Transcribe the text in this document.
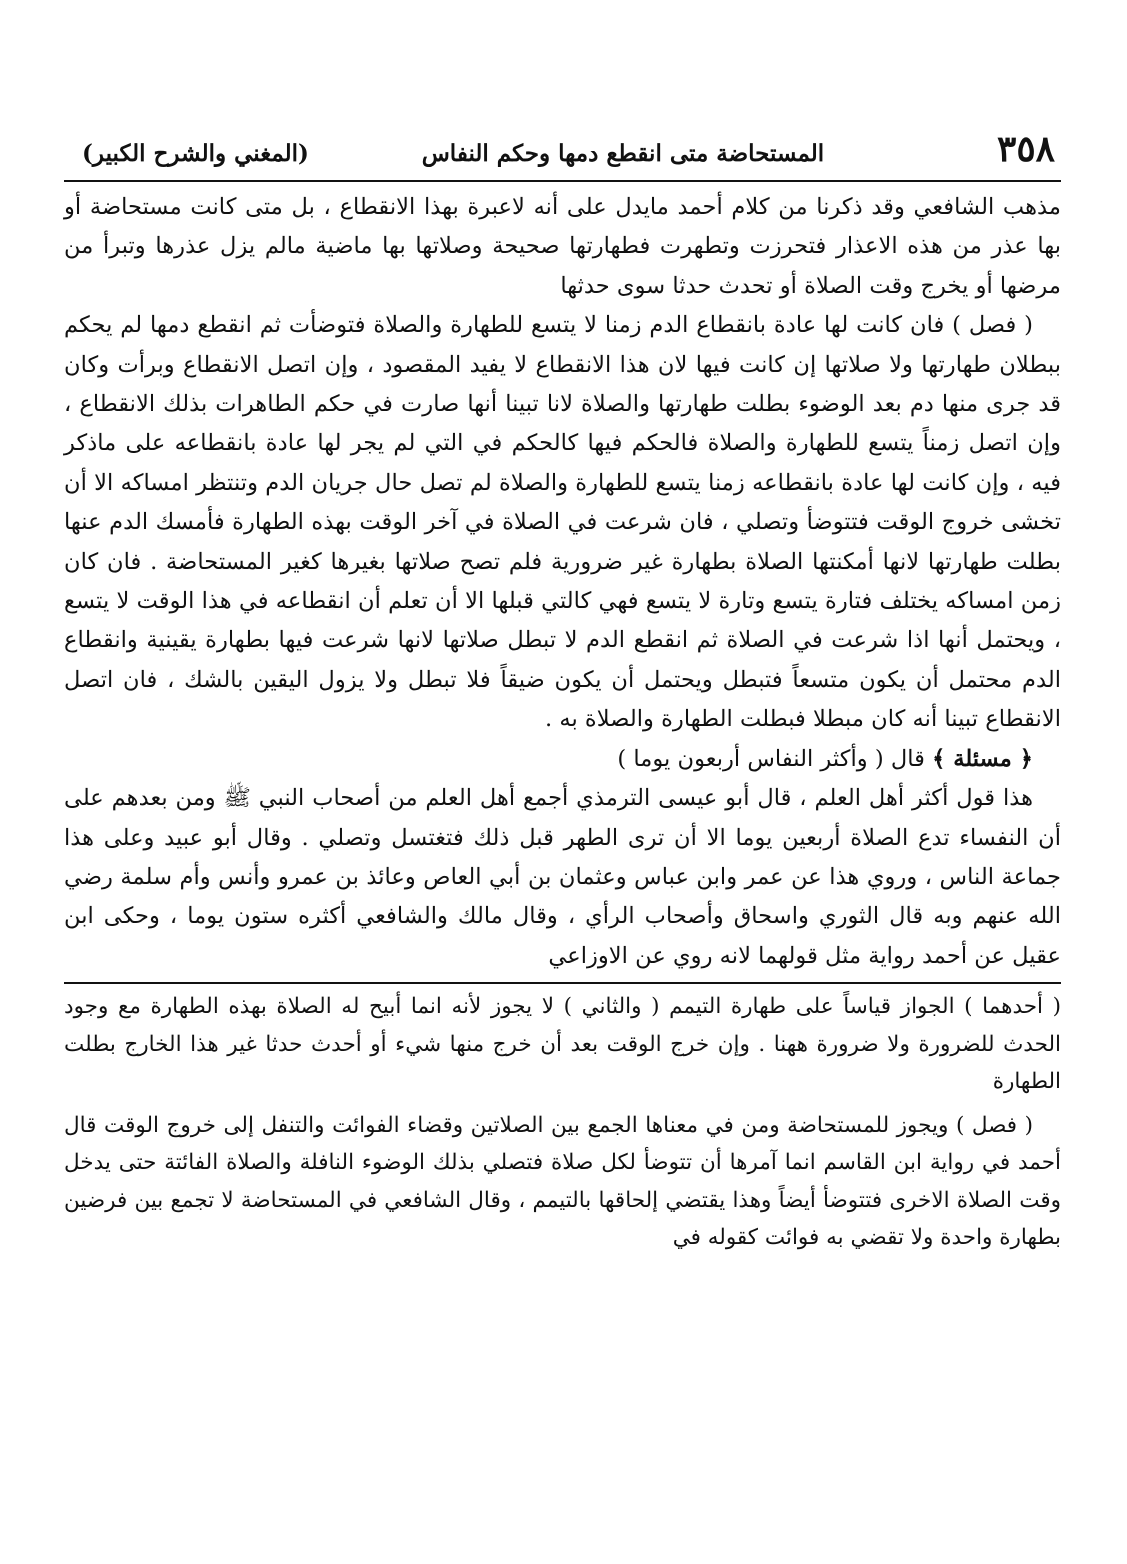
٣٥٨
المستحاضة متى انقطع دمها وحكم النفاس
(المغني والشرح الكبير)

مذهب الشافعي وقد ذكرنا من كلام أحمد مايدل على أنه لاعبرة بهذا الانقطاع ، بل متى كانت مستحاضة أو بها عذر من هذه الاعذار فتحرزت وتطهرت فطهارتها صحيحة وصلاتها بها ماضية مالم يزل عذرها وتبرأ من مرضها أو يخرج وقت الصلاة أو تحدث حدثا سوى حدثها

( فصل ) فان كانت لها عادة بانقطاع الدم زمنا لا يتسع للطهارة والصلاة فتوضأت ثم انقطع دمها لم يحكم ببطلان طهارتها ولا صلاتها إن كانت فيها لان هذا الانقطاع لا يفيد المقصود ، وإن اتصل الانقطاع وبرأت وكان قد جرى منها دم بعد الوضوء بطلت طهارتها والصلاة لانا تبينا أنها صارت في حكم الطاهرات بذلك الانقطاع ، وإن اتصل زمناً يتسع للطهارة والصلاة فالحكم فيها كالحكم في التي لم يجر لها عادة بانقطاعه على ماذكر فيه ، وإن كانت لها عادة بانقطاعه زمنا يتسع للطهارة والصلاة لم تصل حال جريان الدم وتنتظر امساكه الا أن تخشى خروج الوقت فتتوضأ وتصلي ، فان شرعت في الصلاة في آخر الوقت بهذه الطهارة فأمسك الدم عنها بطلت طهارتها لانها أمكنتها الصلاة بطهارة غير ضرورية فلم تصح صلاتها بغيرها كغير المستحاضة . فان كان زمن امساكه يختلف فتارة يتسع وتارة لا يتسع فهي كالتي قبلها الا أن تعلم أن انقطاعه في هذا الوقت لا يتسع ، ويحتمل أنها اذا شرعت في الصلاة ثم انقطع الدم لا تبطل صلاتها لانها شرعت فيها بطهارة يقينية وانقطاع الدم محتمل أن يكون متسعاً فتبطل ويحتمل أن يكون ضيقاً فلا تبطل ولا يزول اليقين بالشك ، فان اتصل الانقطاع تبينا أنه كان مبطلا فبطلت الطهارة والصلاة به .

﴿ مسئلة ﴾ قال ( وأكثر النفاس أربعون يوما )

هذا قول أكثر أهل العلم ، قال أبو عيسى الترمذي أجمع أهل العلم من أصحاب النبي ﷺ ومن بعدهم على أن النفساء تدع الصلاة أربعين يوما الا أن ترى الطهر قبل ذلك فتغتسل وتصلي . وقال أبو عبيد وعلى هذا جماعة الناس ، وروي هذا عن عمر وابن عباس وعثمان بن أبي العاص وعائذ بن عمرو وأنس وأم سلمة رضي الله عنهم وبه قال الثوري واسحاق وأصحاب الرأي ، وقال مالك والشافعي أكثره ستون يوما ، وحكى ابن عقيل عن أحمد رواية مثل قولهما لانه روي عن الاوزاعي

( أحدهما ) الجواز قياساً على طهارة التيمم ( والثاني ) لا يجوز لأنه انما أبيح له الصلاة بهذه الطهارة مع وجود الحدث للضرورة ولا ضرورة ههنا . وإن خرج الوقت بعد أن خرج منها شيء أو أحدث حدثا غير هذا الخارج بطلت الطهارة

( فصل ) ويجوز للمستحاضة ومن في معناها الجمع بين الصلاتين وقضاء الفوائت والتنفل إلى خروج الوقت قال أحمد في رواية ابن القاسم انما آمرها أن تتوضأ لكل صلاة فتصلي بذلك الوضوء النافلة والصلاة الفائتة حتى يدخل وقت الصلاة الاخرى فتتوضأ أيضاً وهذا يقتضي إلحاقها بالتيمم ، وقال الشافعي في المستحاضة لا تجمع بين فرضين بطهارة واحدة ولا تقضي به فوائت كقوله في
